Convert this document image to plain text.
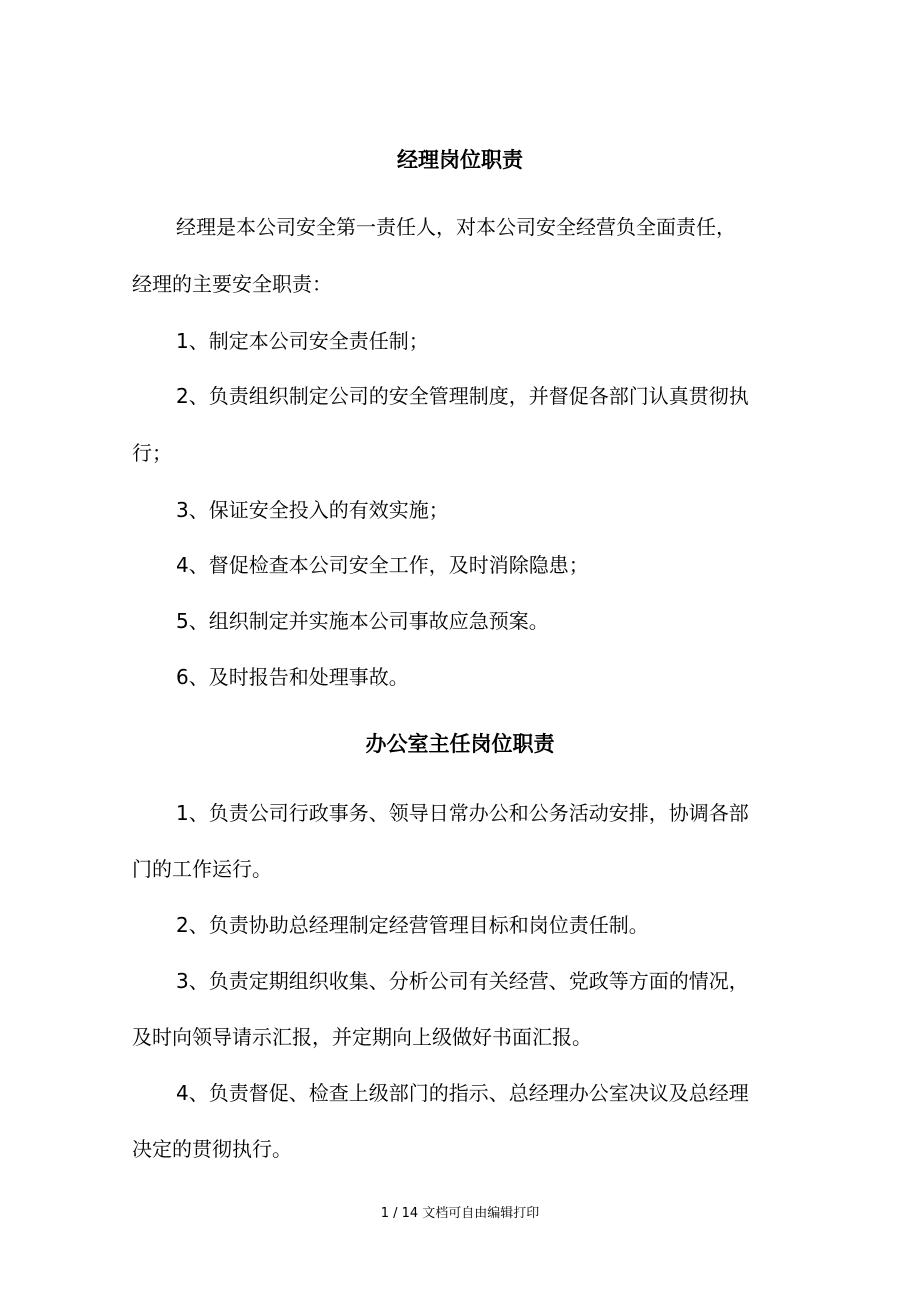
经理岗位职责
经理是本公司安全第一责任人，对本公司安全经营负全面责任，
经理的主要安全职责：
1、制定本公司安全责任制；
2、负责组织制定公司的安全管理制度，并督促各部门认真贯彻执
行；
3、保证安全投入的有效实施；
4、督促检查本公司安全工作，及时消除隐患；
5、组织制定并实施本公司事故应急预案。
6、及时报告和处理事故。
办公室主任岗位职责
1、负责公司行政事务、领导日常办公和公务活动安排，协调各部
门的工作运行。
2、负责协助总经理制定经营管理目标和岗位责任制。
3、负责定期组织收集、分析公司有关经营、党政等方面的情况，
及时向领导请示汇报，并定期向上级做好书面汇报。
4、负责督促、检查上级部门的指示、总经理办公室决议及总经理
决定的贯彻执行。
1 / 14 文档可自由编辑打印
